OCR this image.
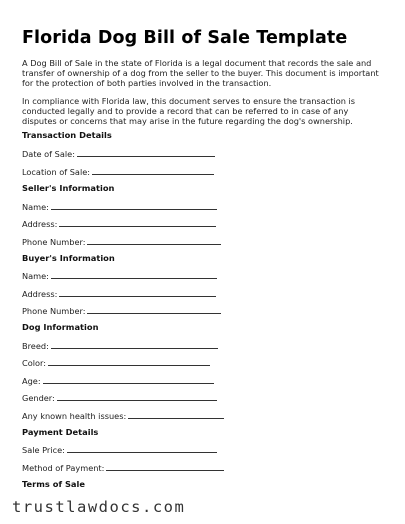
Florida Dog Bill of Sale Template
A Dog Bill of Sale in the state of Florida is a legal document that records the sale and transfer of ownership of a dog from the seller to the buyer. This document is important for the protection of both parties involved in the transaction.
In compliance with Florida law, this document serves to ensure the transaction is conducted legally and to provide a record that can be referred to in case of any disputes or concerns that may arise in the future regarding the dog's ownership.
Transaction Details
Date of Sale:
Location of Sale:
Seller's Information
Name:
Address:
Phone Number:
Buyer's Information
Name:
Address:
Phone Number:
Dog Information
Breed:
Color:
Age:
Gender:
Any known health issues:
Payment Details
Sale Price:
Method of Payment:
Terms of Sale
trustlawdocs.com
